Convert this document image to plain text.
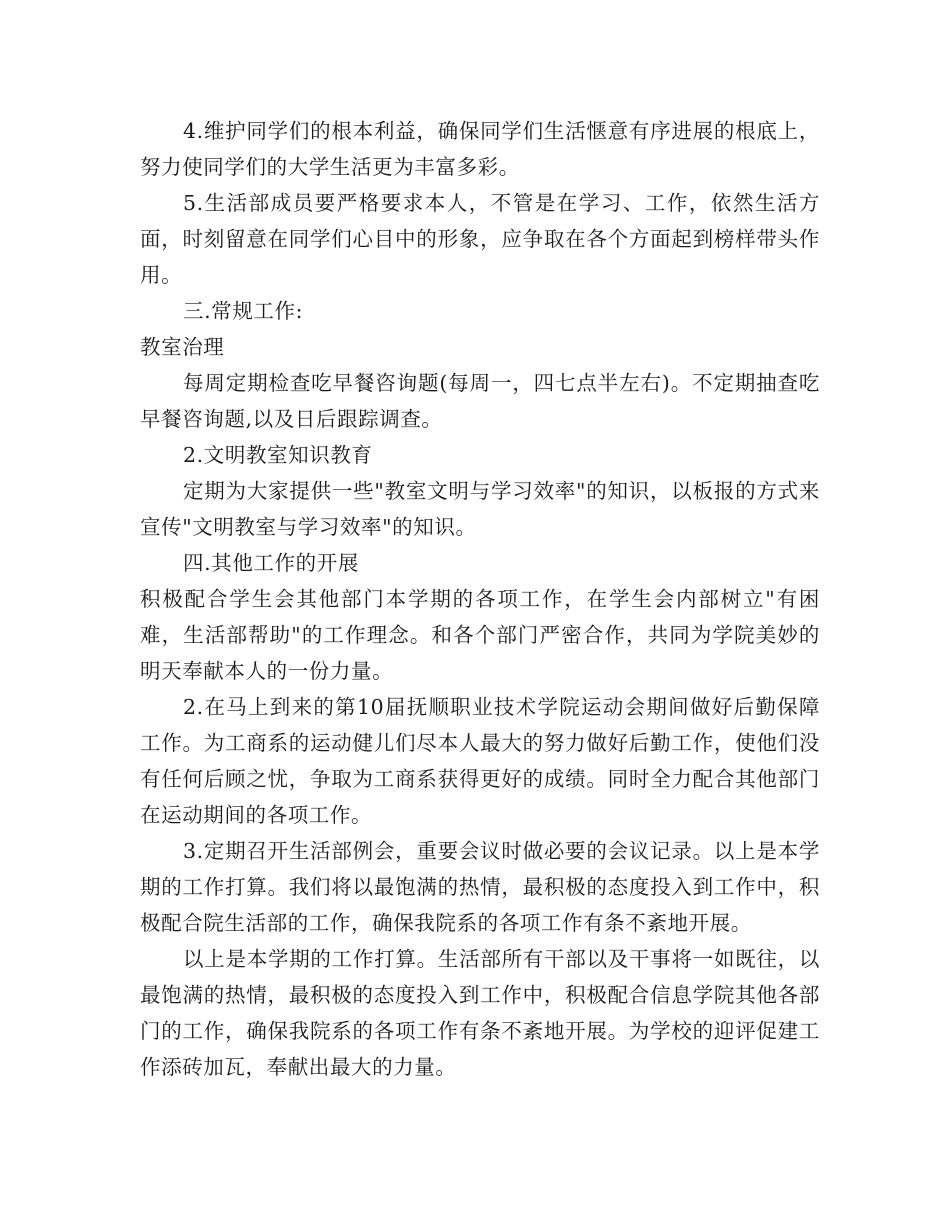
4.维护同学们的根本利益，确保同学们生活惬意有序进展的根底上，努力使同学们的大学生活更为丰富多彩。

5.生活部成员要严格要求本人，不管是在学习、工作，依然生活方面，时刻留意在同学们心目中的形象，应争取在各个方面起到榜样带头作用。

三.常规工作:

教室治理

每周定期检查吃早餐咨询题(每周一，四七点半左右)。不定期抽查吃早餐咨询题,以及日后跟踪调查。

2.文明教室知识教育

定期为大家提供一些"教室文明与学习效率"的知识，以板报的方式来宣传"文明教室与学习效率"的知识。

四.其他工作的开展

积极配合学生会其他部门本学期的各项工作，在学生会内部树立"有困难，生活部帮助"的工作理念。和各个部门严密合作，共同为学院美妙的明天奉献本人的一份力量。

2.在马上到来的第10届抚顺职业技术学院运动会期间做好后勤保障工作。为工商系的运动健儿们尽本人最大的努力做好后勤工作，使他们没有任何后顾之忧，争取为工商系获得更好的成绩。同时全力配合其他部门在运动期间的各项工作。

3.定期召开生活部例会，重要会议时做必要的会议记录。以上是本学期的工作打算。我们将以最饱满的热情，最积极的态度投入到工作中，积极配合院生活部的工作，确保我院系的各项工作有条不紊地开展。

以上是本学期的工作打算。生活部所有干部以及干事将一如既往，以最饱满的热情，最积极的态度投入到工作中，积极配合信息学院其他各部门的工作，确保我院系的各项工作有条不紊地开展。为学校的迎评促建工作添砖加瓦，奉献出最大的力量。
